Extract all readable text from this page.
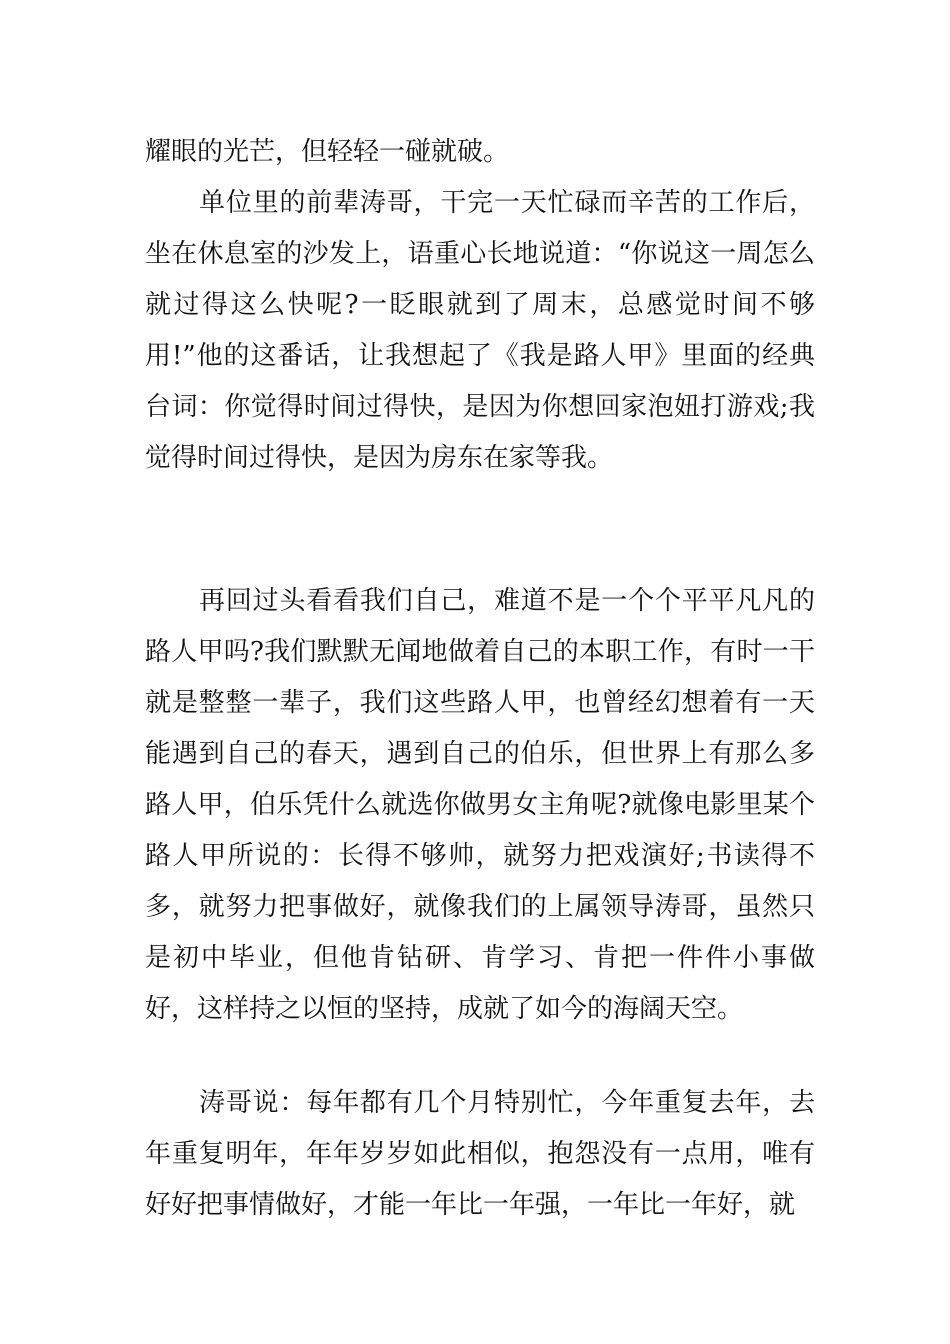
耀眼的光芒，但轻轻一碰就破。

单位里的前辈涛哥，干完一天忙碌而辛苦的工作后，坐在休息室的沙发上，语重心长地说道：“你说这一周怎么就过得这么快呢?一眨眼就到了周末，总感觉时间不够用!”他的这番话，让我想起了《我是路人甲》里面的经典台词：你觉得时间过得快，是因为你想回家泡妞打游戏;我觉得时间过得快，是因为房东在家等我。

再回过头看看我们自己，难道不是一个个平平凡凡的路人甲吗?我们默默无闻地做着自己的本职工作，有时一干就是整整一辈子，我们这些路人甲，也曾经幻想着有一天能遇到自己的春天，遇到自己的伯乐，但世界上有那么多路人甲，伯乐凭什么就选你做男女主角呢?就像电影里某个路人甲所说的：长得不够帅，就努力把戏演好;书读得不多，就努力把事做好，就像我们的上属领导涛哥，虽然只是初中毕业，但他肯钻研、肯学习、肯把一件件小事做好，这样持之以恒的坚持，成就了如今的海阔天空。

涛哥说：每年都有几个月特别忙，今年重复去年，去年重复明年，年年岁岁如此相似，抱怨没有一点用，唯有好好把事情做好，才能一年比一年强，一年比一年好，就
